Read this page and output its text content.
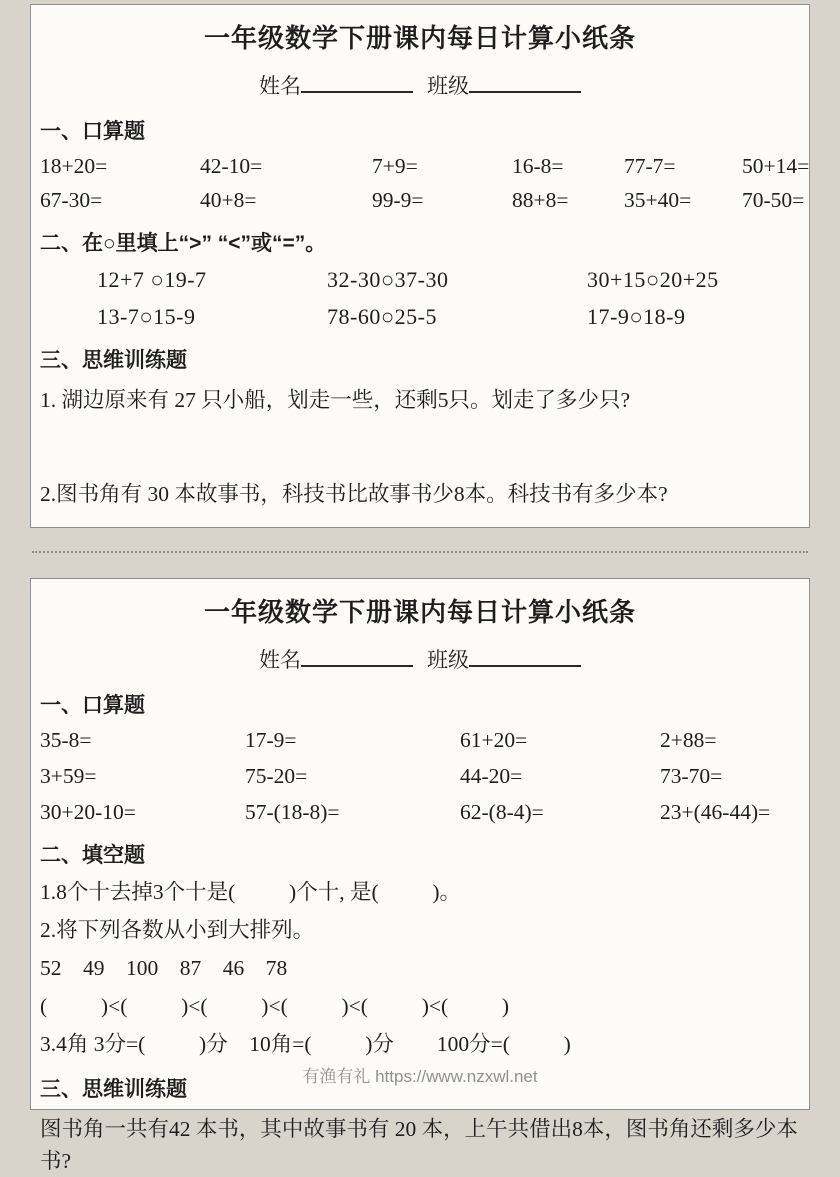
一年级数学下册课内每日计算小纸条
姓名	班级
一、口算题
18+20=	42-10=	7+9=	16-8=	77-7=	50+14=
67-30=	40+8=	99-9=	88+8=	35+40=	70-50=
二、在○里填上“>” “<”或“=”。
12+7 ○19-7	32-30○37-30	30+15○20+25
13-7○15-9	78-60○25-5	17-9○18-9
三、思维训练题

1. 湖边原来有 27 只小船，划走一些，还剩5只。划走了多少只?

2.图书角有 30 本故事书，科技书比故事书少8本。科技书有多少本?

一年级数学下册课内每日计算小纸条
姓名	班级
一、口算题
35-8=	17-9=	61+20=	2+88=
3+59=	75-20=	44-20=	73-70=
30+20-10=	57-(18-8)=	62-(8-4)=	23+(46-44)=
二、填空题

1.8个十去掉3个十是(          )个十, 是(          )。

2.将下列各数从小到大排列。

52    49    100    87    46    78

(          )<(          )<(          )<(          )<(          )<(          )

3.4角 3分=(          )分    10角=(          )分        100分=(          )

三、思维训练题

图书角一共有42 本书，其中故事书有 20 本，上午共借出8本，图书角还剩多少本书?

有渔有礼 https://www.nzxwl.net
